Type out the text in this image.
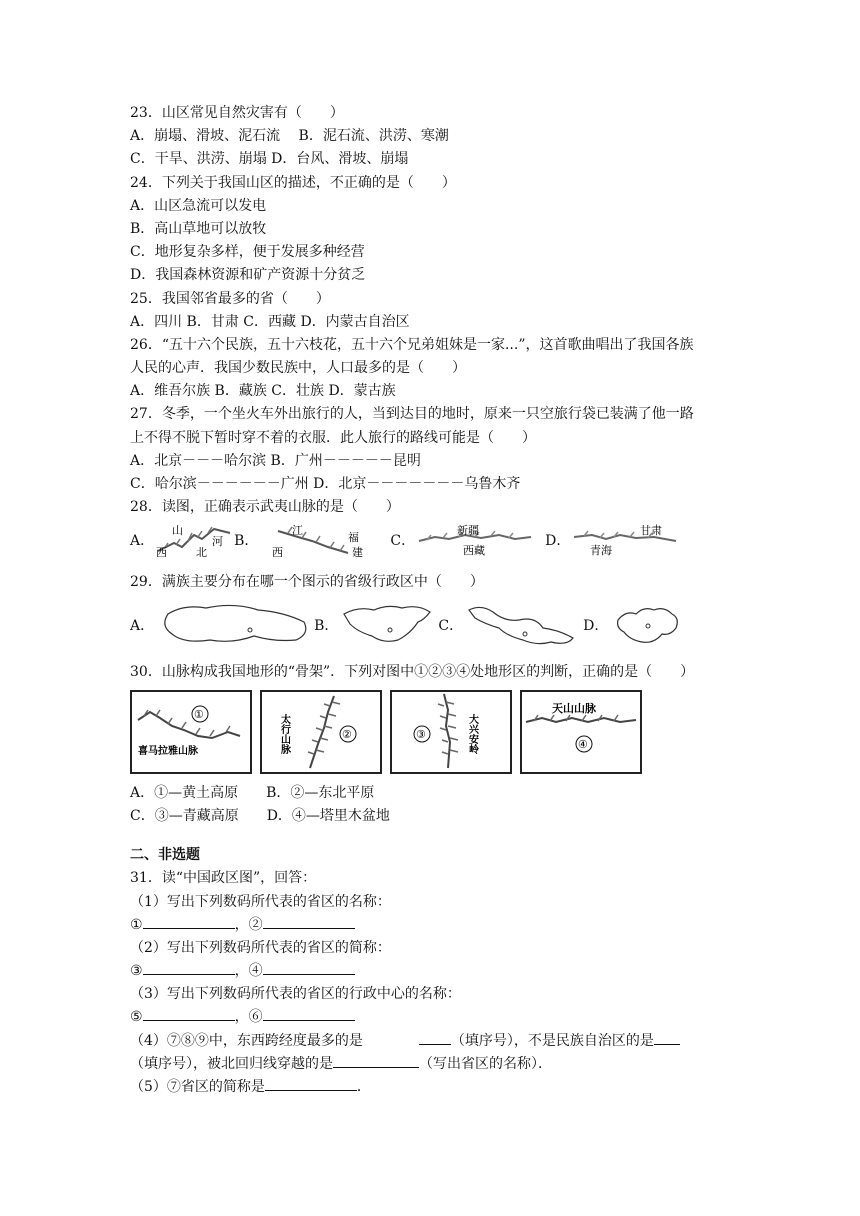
23．山区常见自然灾害有（　　）
A．崩塌、滑坡、泥石流　 B．泥石流、洪涝、寒潮
C．干旱、洪涝、崩塌 D．台风、滑坡、崩塌
24．下列关于我国山区的描述，不正确的是（　　）
A．山区急流可以发电
B．高山草地可以放牧
C．地形复杂多样，便于发展多种经营
D．我国森林资源和矿产资源十分贫乏
25．我国邻省最多的省（　　）
A．四川 B．甘肃 C．西藏 D．内蒙古自治区
26．“五十六个民族，五十六枝花，五十六个兄弟姐妹是一家...”，这首歌曲唱出了我国各族
人民的心声．我国少数民族中，人口最多的是（　　）
A．维吾尔族 B．藏族 C．壮族 D．蒙古族
27．冬季，一个坐火车外出旅行的人，当到达目的地时，原来一只空旅行袋已装满了他一路
上不得不脱下暂时穿不着的衣服．此人旅行的路线可能是（　　）
A．北京－－－哈尔滨 B．广州－－－－－昆明
C．哈尔滨－－－－－－广州 D．北京－－－－－－－乌鲁木齐
28．读图，正确表示武夷山脉的是（　　）
A．
山
河
西	北
B．
江
福
西	建
C．
新疆
西藏
D．
甘肃
青海
29．满族主要分布在哪一个图示的省级行政区中（　　）
A．	B．	C．	D．
30．山脉构成我国地形的“骨架”．下列对图中①②③④处地形区的判断，正确的是（　　）
①
喜马拉雅山脉
②
太行山脉	③	大兴安岭
天山山脉
④
A．①—黄土高原　　B．②—东北平原
C．③—青藏高原　　D．④—塔里木盆地
二、非选题
31．读“中国政区图”，回答：
（1）写出下列数码所代表的省区的名称：
①	，②
（2）写出下列数码所代表的省区的简称：
③	，④
（3）写出下列数码所代表的省区的行政中心的名称：
⑤	，⑥
（4）⑦⑧⑨中，东西跨经度最多的是	（填序号），不是民族自治区的是
（填序号），被北回归线穿越的是	（写出省区的名称）．
（5）⑦省区的简称是	．
